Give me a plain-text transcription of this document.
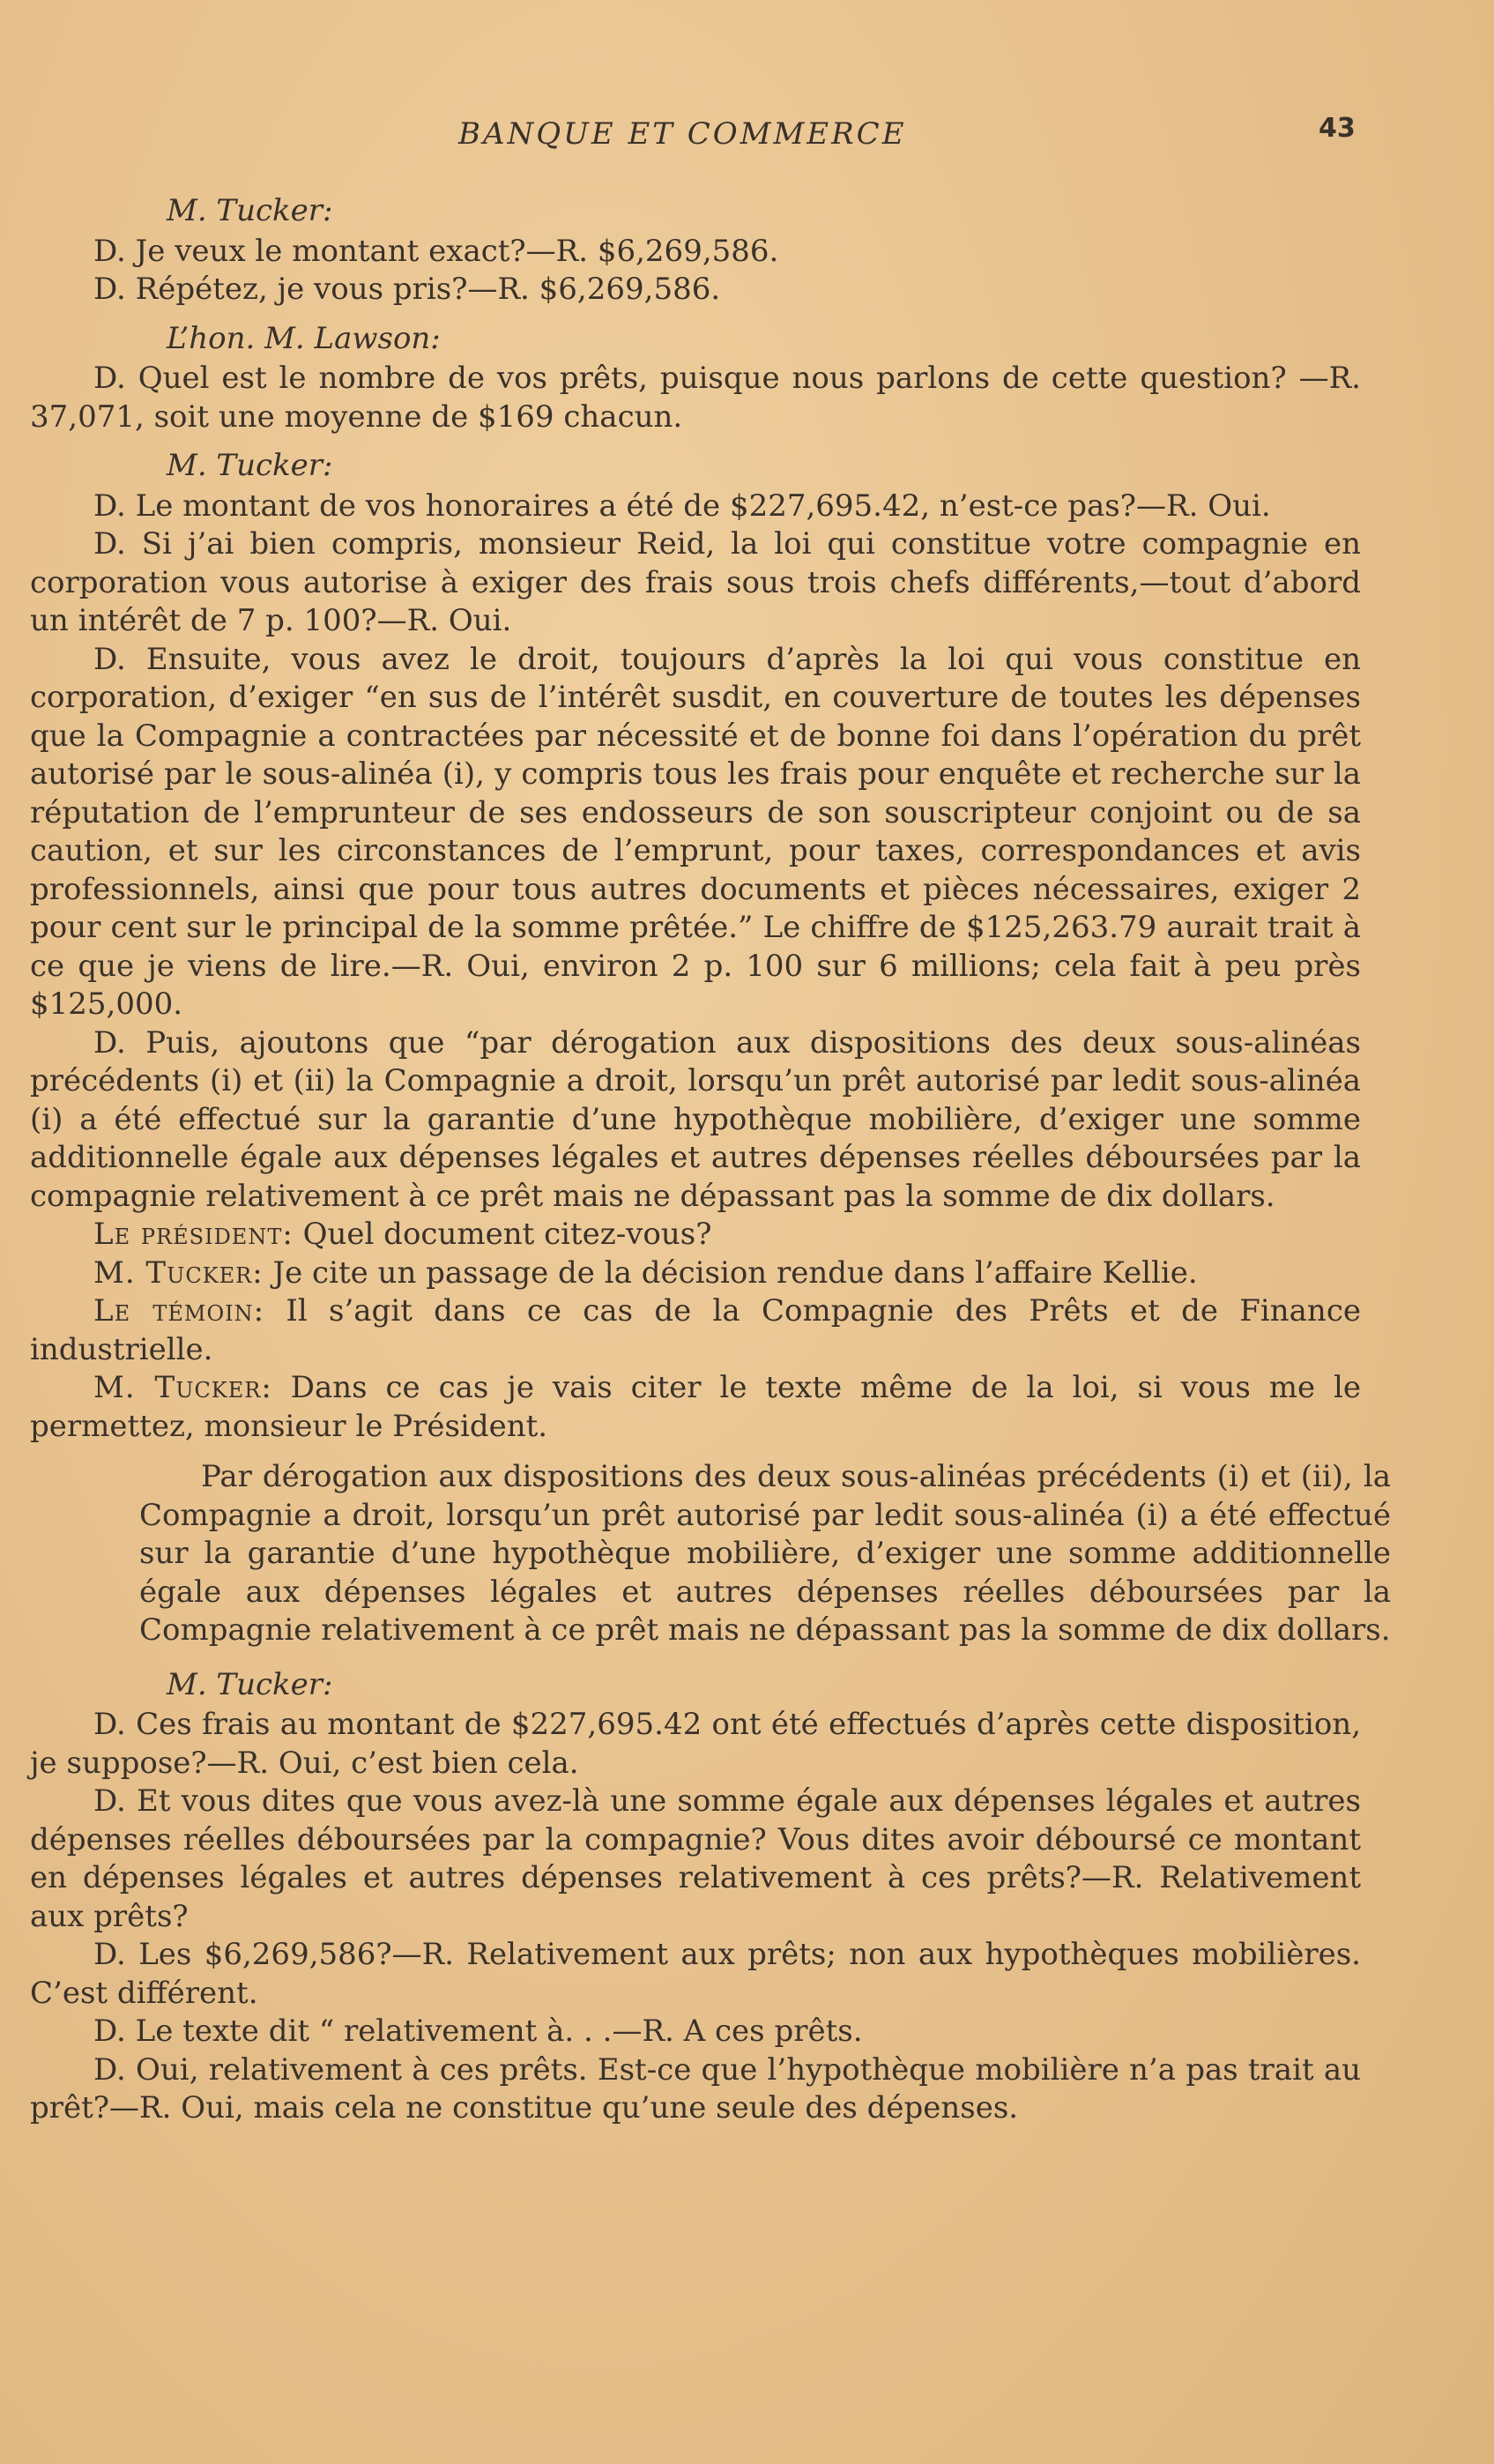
BANQUE ET COMMERCE	43
M. Tucker:

D. Je veux le montant exact?—R. $6,269,586.

D. Répétez, je vous pris?—R. $6,269,586.

L’hon. M. Lawson:

D. Quel est le nombre de vos prêts, puisque nous parlons de cette question? —R. 37,071, soit une moyenne de $169 chacun.

M. Tucker:

D. Le montant de vos honoraires a été de $227,695.42, n’est-ce pas?—R. Oui.

D. Si j’ai bien compris, monsieur Reid, la loi qui constitue votre compagnie en corporation vous autorise à exiger des frais sous trois chefs différents,—tout d’abord un intérêt de 7 p. 100?—R. Oui.

D. Ensuite, vous avez le droit, toujours d’après la loi qui vous constitue en corporation, d’exiger “en sus de l’intérêt susdit, en couverture de toutes les dépenses que la Compagnie a contractées par nécessité et de bonne foi dans l’opération du prêt autorisé par le sous-alinéa (i), y compris tous les frais pour enquête et recherche sur la réputation de l’emprunteur de ses endosseurs de son souscripteur conjoint ou de sa caution, et sur les circonstances de l’emprunt, pour taxes, correspondances et avis professionnels, ainsi que pour tous autres documents et pièces nécessaires, exiger 2 pour cent sur le principal de la somme prêtée.” Le chiffre de $125,263.79 aurait trait à ce que je viens de lire.—R. Oui, environ 2 p. 100 sur 6 millions; cela fait à peu près $125,000.

D. Puis, ajoutons que “par dérogation aux dispositions des deux sous-alinéas précédents (i) et (ii) la Compagnie a droit, lorsqu’un prêt autorisé par ledit sous-alinéa (i) a été effectué sur la garantie d’une hypothèque mobilière, d’exiger une somme additionnelle égale aux dépenses légales et autres dépenses réelles déboursées par la compagnie relativement à ce prêt mais ne dépassant pas la somme de dix dollars.

Le président: Quel document citez-vous?

M. Tucker: Je cite un passage de la décision rendue dans l’affaire Kellie.

Le témoin: Il s’agit dans ce cas de la Compagnie des Prêts et de Finance industrielle.

M. Tucker: Dans ce cas je vais citer le texte même de la loi, si vous me le permettez, monsieur le Président.

Par dérogation aux dispositions des deux sous-alinéas précédents (i) et (ii), la Compagnie a droit, lorsqu’un prêt autorisé par ledit sous-alinéa (i) a été effectué sur la garantie d’une hypothèque mobilière, d’exiger une somme additionnelle égale aux dépenses légales et autres dépenses réelles déboursées par la Compagnie relativement à ce prêt mais ne dépassant pas la somme de dix dollars.

M. Tucker:

D. Ces frais au montant de $227,695.42 ont été effectués d’après cette disposition, je suppose?—R. Oui, c’est bien cela.

D. Et vous dites que vous avez-là une somme égale aux dépenses légales et autres dépenses réelles déboursées par la compagnie? Vous dites avoir déboursé ce montant en dépenses légales et autres dépenses relativement à ces prêts?—R. Relativement aux prêts?

D. Les $6,269,586?—R. Relativement aux prêts; non aux hypothèques mobilières. C’est différent.

D. Le texte dit “ relativement à. . .—R. A ces prêts.

D. Oui, relativement à ces prêts. Est-ce que l’hypothèque mobilière n’a pas trait au prêt?—R. Oui, mais cela ne constitue qu’une seule des dépenses.
